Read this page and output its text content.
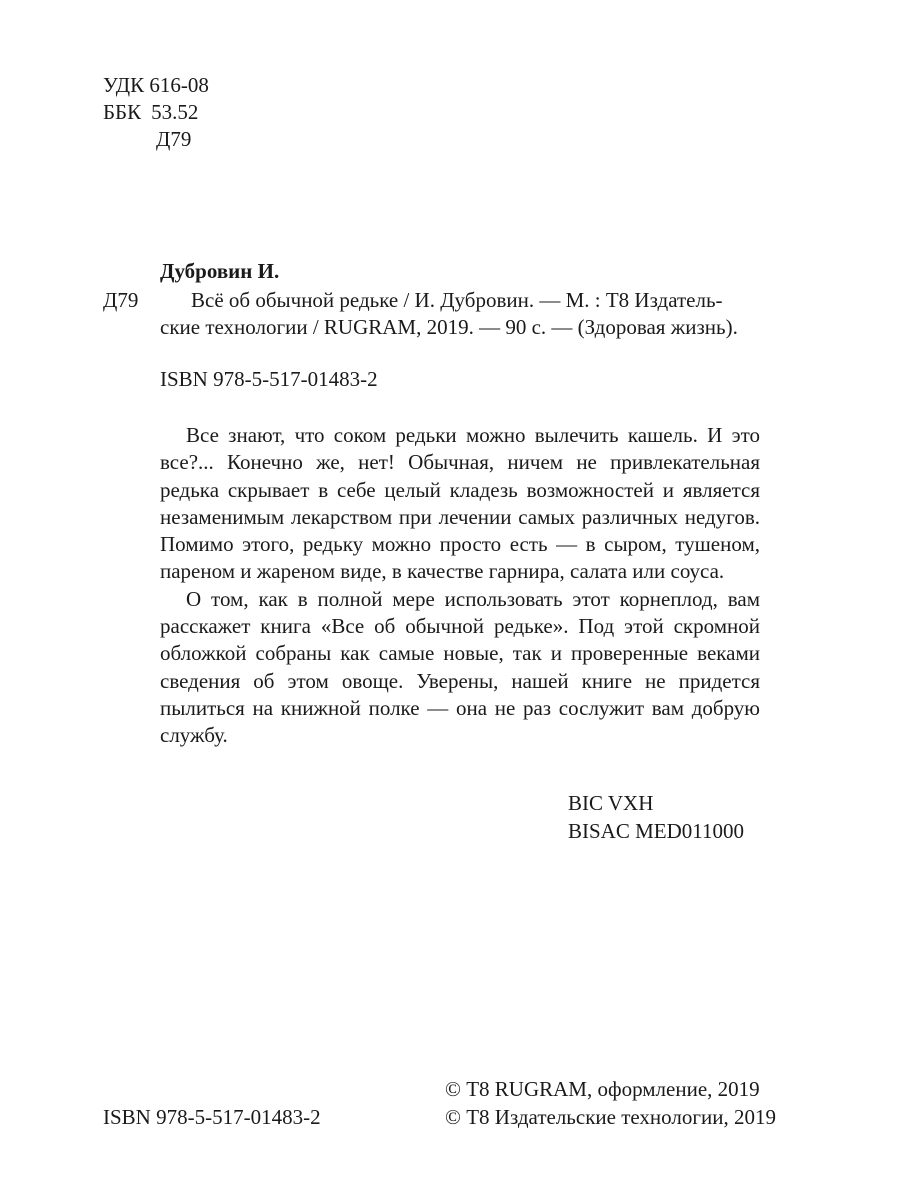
УДК 616-08
ББК 53.52
Д79
Дубровин И.
Д79	Всё об обычной редьке / И. Дубровин. — М. : Т8 Издатель-
ские технологии / RUGRAM, 2019. — 90 с. — (Здоровая жизнь).
ISBN 978-5-517-01483-2

Все знают, что соком редьки можно вылечить кашель. И это все?... Конечно же, нет! Обычная, ничем не привлекательная редька скрывает в себе целый кладезь возможностей и является незаменимым лекарством при лечении самых различных недугов. Помимо этого, редьку можно просто есть — в сыром, тушеном, пареном и жареном виде, в качестве гарнира, салата или соуса.

О том, как в полной мере использовать этот корнеплод, вам расскажет книга «Все об обычной редьке». Под этой скромной обложкой собраны как самые новые, так и проверенные веками сведения об этом овоще. Уверены, нашей книге не придется пылиться на книжной полке — она не раз сослужит вам добрую службу.

BIC VXH
BISAC MED011000
© Т8 RUGRAM, оформление, 2019
ISBN 978-5-517-01483-2	© Т8 Издательские технологии, 2019
